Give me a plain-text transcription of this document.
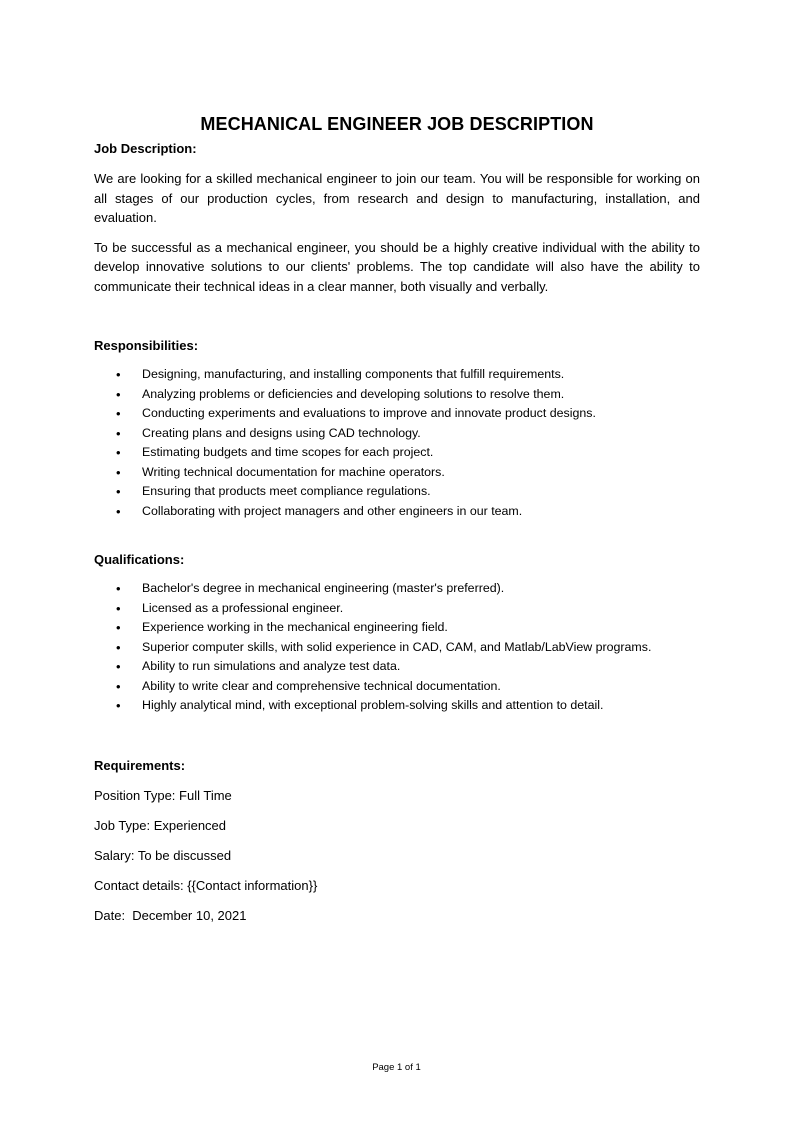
MECHANICAL ENGINEER JOB DESCRIPTION
Job Description:

We are looking for a skilled mechanical engineer to join our team. You will be responsible for working on all stages of our production cycles, from research and design to manufacturing, installation, and evaluation.

To be successful as a mechanical engineer, you should be a highly creative individual with the ability to develop innovative solutions to our clients' problems. The top candidate will also have the ability to communicate their technical ideas in a clear manner, both visually and verbally.

Responsibilities:
• Designing, manufacturing, and installing components that fulfill requirements.
• Analyzing problems or deficiencies and developing solutions to resolve them.
• Conducting experiments and evaluations to improve and innovate product designs.
• Creating plans and designs using CAD technology.
• Estimating budgets and time scopes for each project.
• Writing technical documentation for machine operators.
• Ensuring that products meet compliance regulations.
• Collaborating with project managers and other engineers in our team.
Qualifications:
• Bachelor's degree in mechanical engineering (master's preferred).
• Licensed as a professional engineer.
• Experience working in the mechanical engineering field.
• Superior computer skills, with solid experience in CAD, CAM, and Matlab/LabView programs.
• Ability to run simulations and analyze test data.
• Ability to write clear and comprehensive technical documentation.
• Highly analytical mind, with exceptional problem-solving skills and attention to detail.
Requirements:
Position Type: Full Time
Job Type: Experienced
Salary: To be discussed
Contact details: {{Contact information}}
Date:  December 10, 2021
Page 1 of 1
